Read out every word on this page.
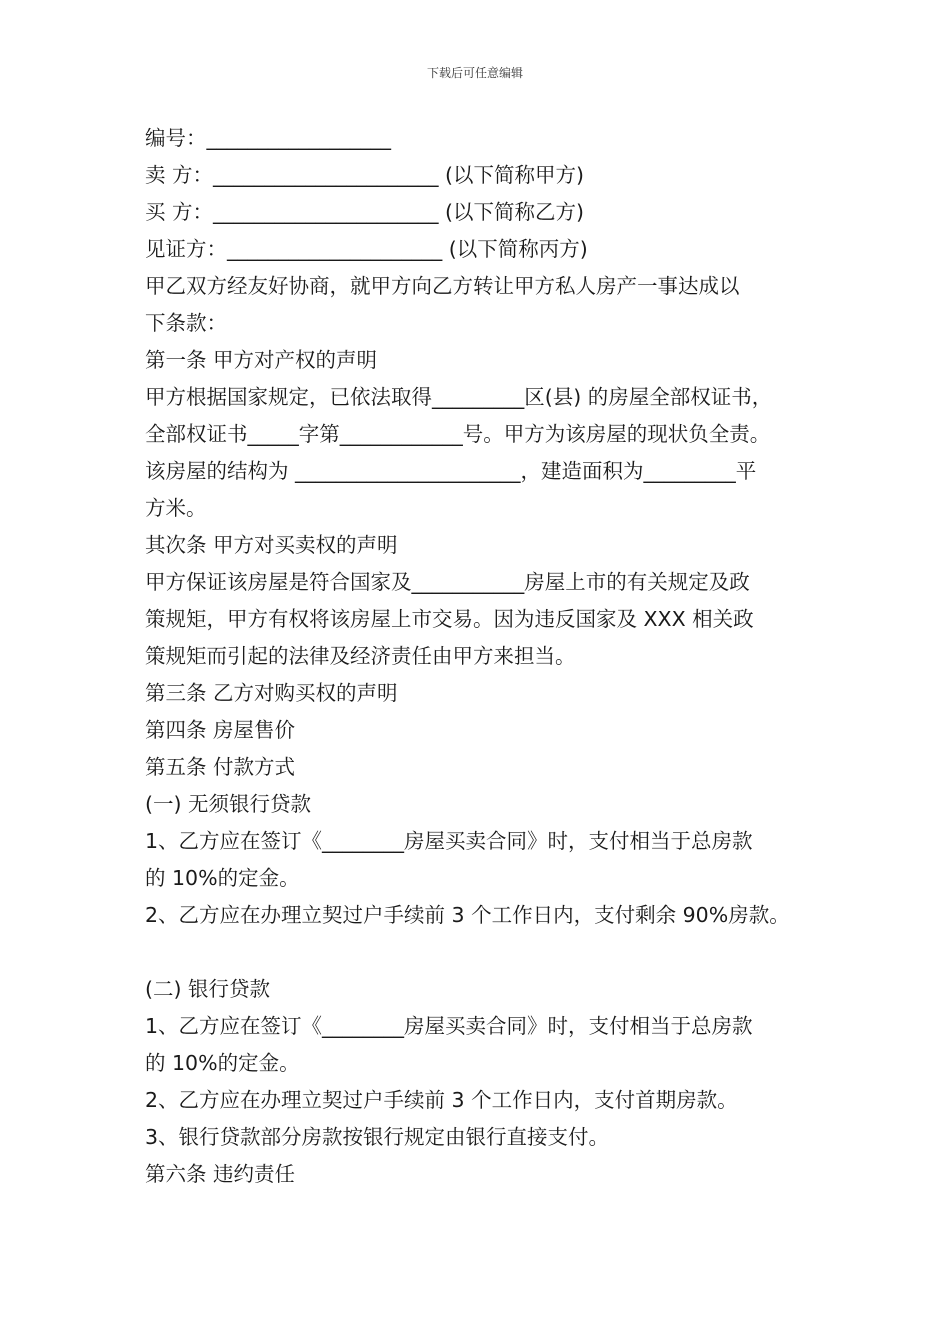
下载后可任意编辑
编号：__________________
卖 方：______________________ (以下简称甲方)
买 方：______________________ (以下简称乙方)
见证方：_____________________ (以下简称丙方)
甲乙双方经友好协商，就甲方向乙方转让甲方私人房产一事达成以
下条款：
第一条 甲方对产权的声明
甲方根据国家规定，已依法取得_________区(县) 的房屋全部权证书，
全部权证书_____字第____________号。甲方为该房屋的现状负全责。
该房屋的结构为 ______________________，建造面积为_________平
方米。
其次条 甲方对买卖权的声明
甲方保证该房屋是符合国家及___________房屋上市的有关规定及政
策规矩，甲方有权将该房屋上市交易。因为违反国家及 XXX 相关政
策规矩而引起的法律及经济责任由甲方来担当。
第三条 乙方对购买权的声明
第四条 房屋售价
第五条 付款方式
(一) 无须银行贷款
1、乙方应在签订《________房屋买卖合同》时，支付相当于总房款
的 10%的定金。
2、乙方应在办理立契过户手续前 3 个工作日内，支付剩余 90%房款。
(二) 银行贷款
1、乙方应在签订《________房屋买卖合同》时，支付相当于总房款
的 10%的定金。
2、乙方应在办理立契过户手续前 3 个工作日内，支付首期房款。
3、银行贷款部分房款按银行规定由银行直接支付。
第六条 违约责任
